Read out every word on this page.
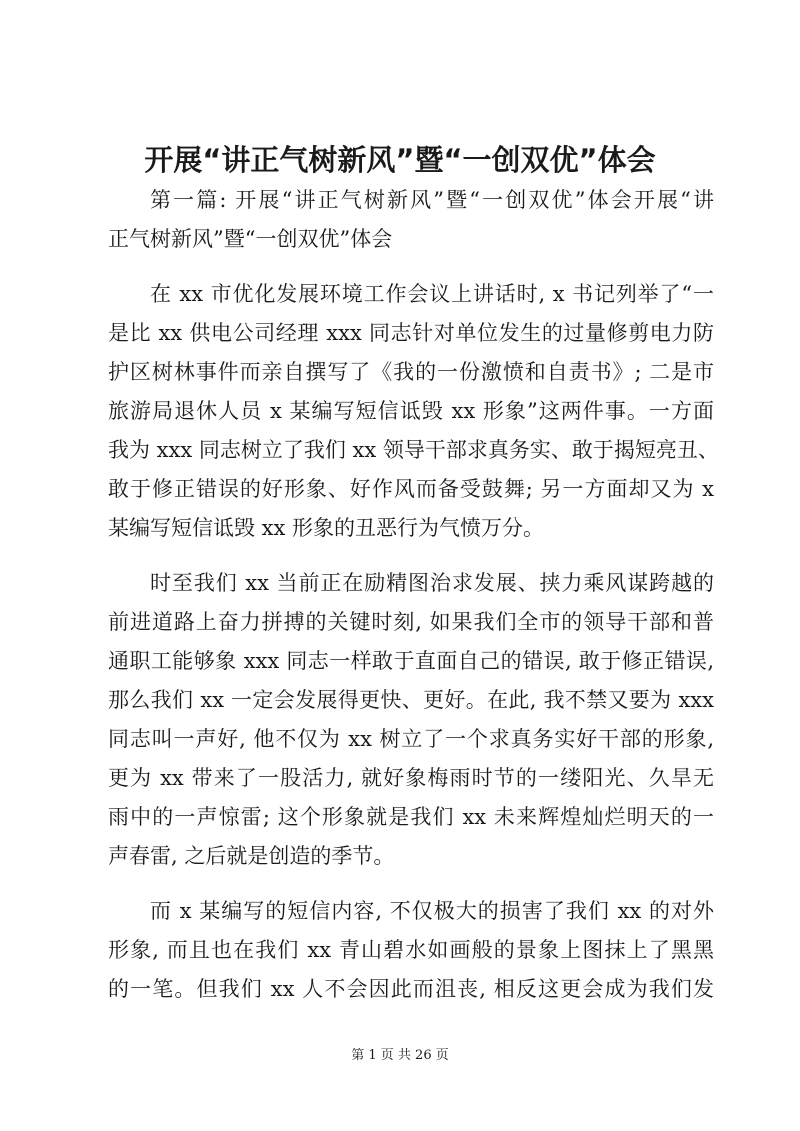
开展“讲正气树新风”暨“一创双优”体会
第一篇: 开展“讲正气树新风”暨“一创双优”体会开展“讲
正气树新风”暨“一创双优”体会
在 xx 市优化发展环境工作会议上讲话时, x 书记列举了“一
是比 xx 供电公司经理 xxx 同志针对单位发生的过量修剪电力防
护区树林事件而亲自撰写了《我的一份激愤和自责书》; 二是市
旅游局退休人员 x 某编写短信诋毁 xx 形象”这两件事。一方面
我为 xxx 同志树立了我们 xx 领导干部求真务实、敢于揭短亮丑、
敢于修正错误的好形象、好作风而备受鼓舞; 另一方面却又为 x
某编写短信诋毁 xx 形象的丑恶行为气愤万分。
时至我们 xx 当前正在励精图治求发展、挟力乘风谋跨越的
前进道路上奋力拼搏的关键时刻, 如果我们全市的领导干部和普
通职工能够象 xxx 同志一样敢于直面自己的错误, 敢于修正错误,
那么我们 xx 一定会发展得更快、更好。在此, 我不禁又要为 xxx
同志叫一声好, 他不仅为 xx 树立了一个求真务实好干部的形象,
更为 xx 带来了一股活力, 就好象梅雨时节的一缕阳光、久旱无
雨中的一声惊雷; 这个形象就是我们 xx 未来辉煌灿烂明天的一
声春雷, 之后就是创造的季节。
而 x 某编写的短信内容, 不仅极大的损害了我们 xx 的对外
形象, 而且也在我们 xx 青山碧水如画般的景象上图抹上了黑黑
的一笔。但我们 xx 人不会因此而沮丧, 相反这更会成为我们发
第 1 页 共 26 页
